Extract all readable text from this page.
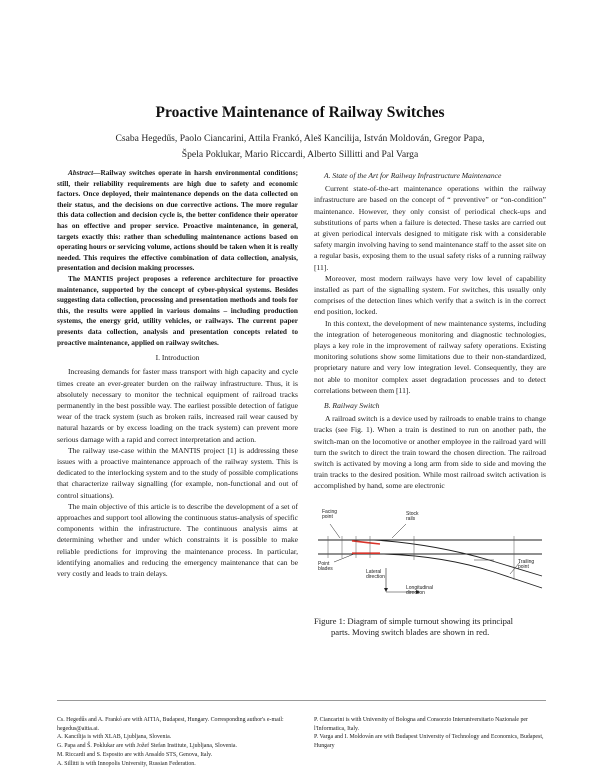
Proactive Maintenance of Railway Switches
Csaba Hegedűs, Paolo Ciancarini, Attila Frankó, Aleš Kancilija, István Moldován, Gregor Papa,
Špela Poklukar, Mario Riccardi, Alberto Sillitti and Pal Varga

Abstract—Railway switches operate in harsh environmental conditions; still, their reliability requirements are high due to safety and economic factors. Once deployed, their maintenance depends on the data collected on their status, and the decisions on due corrective actions. The more regular this data collection and decision cycle is, the better confidence their operator has on effective and proper service. Proactive maintenance, in general, targets exactly this: rather than scheduling maintenance actions based on operating hours or servicing volume, actions should be taken when it is really needed. This requires the effective combination of data collection, analysis, presentation and decision making processes.

The MANTIS project proposes a reference architecture for proactive maintenance, supported by the concept of cyber-physical systems. Besides suggesting data collection, processing and presentation methods and tools for this, the results were applied in various domains – including production systems, the energy grid, utility vehicles, or railways. The current paper presents data collection, analysis and presentation concepts related to proactive maintenance, applied on railway switches.

I. Introduction

Increasing demands for faster mass transport with high capacity and cycle times create an ever-greater burden on the railway infrastructure. Thus, it is absolutely necessary to monitor the technical equipment of railroad tracks permanently in the best possible way. The earliest possible detection of fatigue wear of the track system (such as broken rails, increased rail wear caused by natural hazards or by excess loading on the track system) can prevent more serious damage with a rapid and correct interpretation and action.

The railway use-case within the MANTIS project [1] is addressing these issues with a proactive maintenance approach of the railway system. This is dedicated to the interlocking system and to the study of possible complications that characterize railway signalling (for example, non-functional and out of control situations).

The main objective of this article is to describe the development of a set of approaches and support tool allowing the continuous status-analysis of specific components within the infrastructure. The continuous analysis aims at determining whether and under which constraints it is possible to make reliable predictions for improving the maintenance process. In particular, identifying anomalies and reducing the emergency maintenance that can be very costly and leads to train delays.

A. State of the Art for Railway Infrastructure Maintenance

Current state-of-the-art maintenance operations within the railway infrastructure are based on the concept of “ preventive” or “on-condition” maintenance. However, they only consist of periodical check-ups and substitutions of parts when a failure is detected. These tasks are carried out at given periodical intervals designed to mitigate risk with a considerable safety margin involving having to send maintenance staff to the asset site on a regular basis, exposing them to the usual safety risks of a running railway [11].

Moreover, most modern railways have very low level of capability installed as part of the signalling system. For switches, this usually only comprises of the detection lines which verify that a switch is in the correct end position, locked.

In this context, the development of new maintenance systems, including the integration of heterogeneous monitoring and diagnostic technologies, plays a key role in the improvement of railway safety operations. Existing monitoring solutions show some limitations due to their non-standardized, proprietary nature and very low integration level. Consequently, they are not able to monitor complex asset degradation processes and to detect correlations between them [11].

B. Railway Switch

A railroad switch is a device used by railroads to enable trains to change tracks (see Fig. 1). When a train is destined to run on another path, the switch-man on the locomotive or another employee in the railroad yard will turn the switch to direct the train toward the chosen direction. The railroad switch is activated by moving a long arm from side to side and moving the train tracks to the desired position. While most railroad switch activation is accomplished by hand, some are electronic

Facing
point
Stock
rails
Point
blades	Lateral
direction
Longitudinal
direction
Trailing
point
Figure 1: Diagram of simple turnout showing its principal
parts. Moving switch blades are shown in red.
Cs. Hegedűs and A. Frankó are with AITIA, Budapest, Hungary. Corresponding author's e-mail: hegedus@aitia.ai.
A. Kancilija is with XLAB, Ljubljana, Slovenia.
G. Papa and Š. Poklukar are with Jožef Stefan Institute, Ljubljana, Slovenia.
M. Riccardi and S. Esposito are with Ansaldo STS, Genova, Italy.
A. Sillitti is with Innopolis University, Russian Federation.
P. Ciancarini is with University of Bologna and Consorzio Interuniversitario Nazionale per l'Informatica, Italy.
P. Varga and I. Moldován are with Budapest University of Technology and Economics, Budapest, Hungary
